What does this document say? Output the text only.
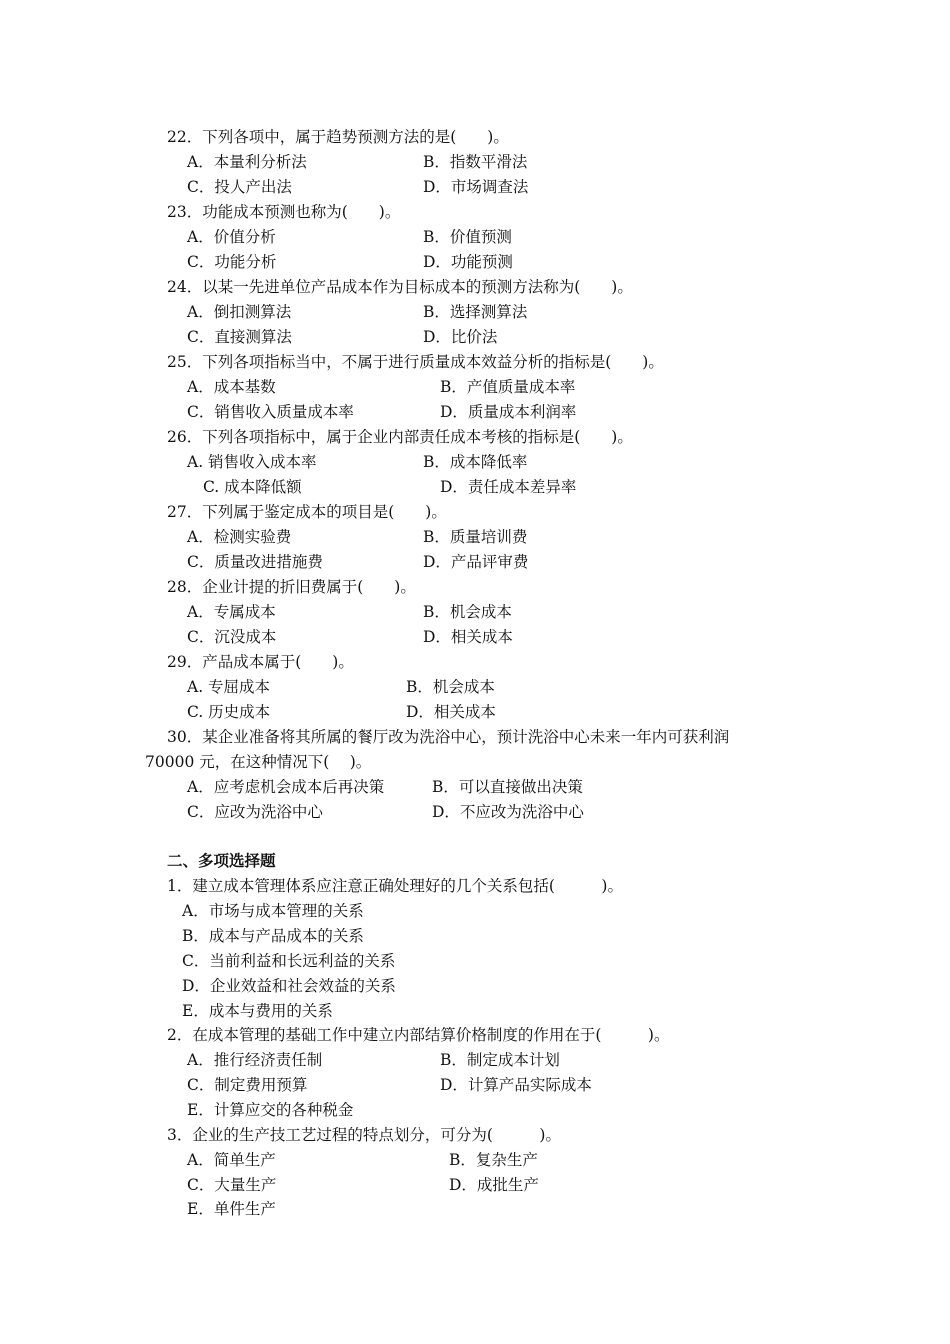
22．下列各项中，属于趋势预测方法的是(　　)。
A．本量利分析法	B．指数平滑法
C．投人产出法	D．市场调查法
23．功能成本预测也称为(　　)。
A．价值分析	B．价值预测
C．功能分析	D．功能预测
24．以某一先进单位产品成本作为目标成本的预测方法称为(　　)。
A．倒扣测算法	B．选择测算法
C．直接测算法	D．比价法
25．下列各项指标当中，不属于进行质量成本效益分析的指标是(　　)。
A．成本基数	B．产值质量成本率
C．销售收入质量成本率	D．质量成本利润率
26．下列各项指标中，属于企业内部责任成本考核的指标是(　　)。
A. 销售收入成本率	B．成本降低率
C. 成本降低额	D．责任成本差异率
27．下列属于鉴定成本的项目是(　　)。
A．检测实验费	B．质量培训费
C．质量改进措施费	D．产品评审费
28．企业计提的折旧费属于(　　)。
A．专属成本	B．机会成本
C．沉没成本	D．相关成本
29．产品成本属于(　　)。
A. 专屈成本	B．机会成本
C. 历史成本	D．相关成本
30．某企业准备将其所属的餐厅改为洗浴中心，预计洗浴中心未来一年内可获利润
70000 元，在这种情况下(　 )。
A．应考虑机会成本后再决策	B．可以直接做出决策
C．应改为洗浴中心	D．不应改为洗浴中心
二、多项选择题
1．建立成本管理体系应注意正确处理好的几个关系包括(　　　)。
A．市场与成本管理的关系
B．成本与产品成本的关系
C．当前利益和长远利益的关系
D．企业效益和社会效益的关系
E．成本与费用的关系
2．在成本管理的基础工作中建立内部结算价格制度的作用在于(　　　)。
A．推行经济责任制	B．制定成本计划
C．制定费用预算	D．计算产品实际成本
E．计算应交的各种税金
3．企业的生产技工艺过程的特点划分，可分为(　　　)。
A．简单生产	B．复杂生产
C．大量生产	D．成批生产
E．单件生产
